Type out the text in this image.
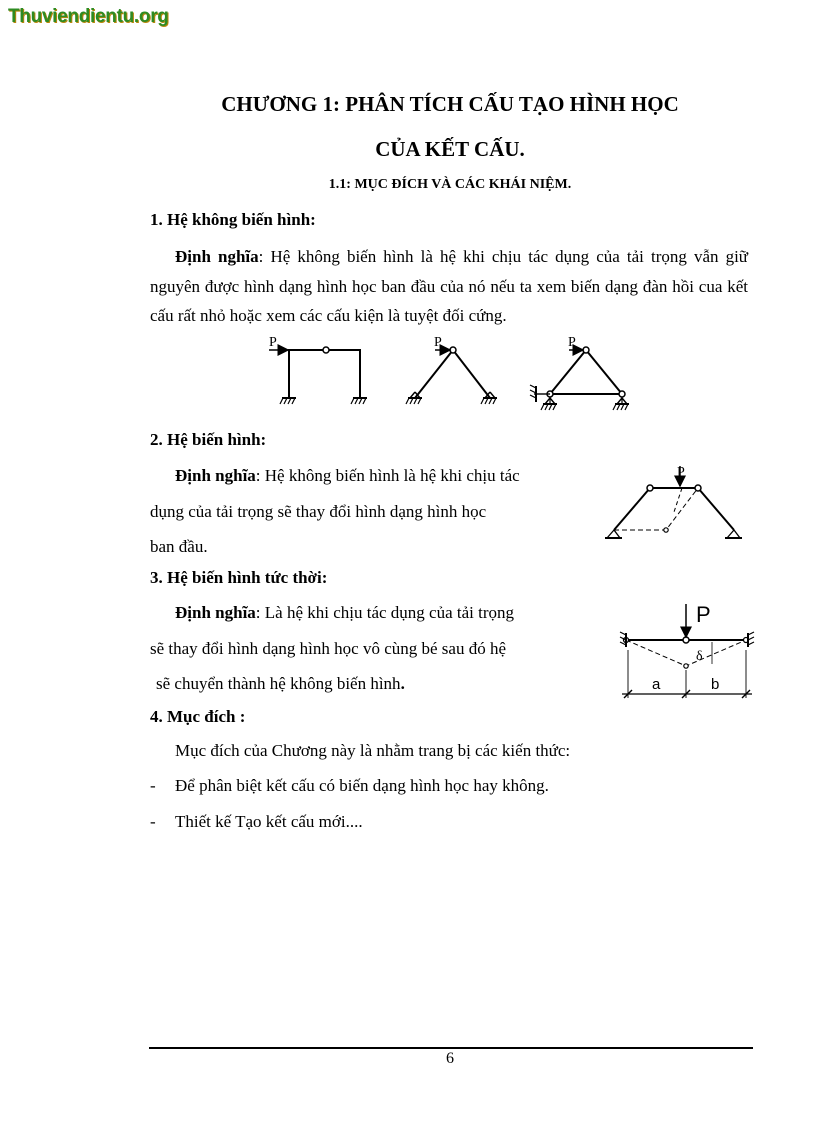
Thuviendientu.org
CHƯƠNG 1: PHÂN TÍCH CẤU TẠO HÌNH HỌC
CỦA KẾT CẤU.
1.1: MỤC ĐÍCH VÀ CÁC KHÁI NIỆM.
1. Hệ không biến hình:
Định nghĩa: Hệ không biến hình là hệ khi chịu tác dụng của tải trọng vẫn giữ nguyên được hình dạng hình học ban đầu của nó nếu ta xem biến dạng đàn hồi cua kết cấu rất nhỏ hoặc xem các cấu kiện là tuyệt đối cứng.
P	P	P
2. Hệ biến hình:
Định nghĩa: Hệ không biến hình là hệ khi chịu tác
dụng của tải trọng sẽ thay đổi hình dạng hình học
ban đầu.
P
3. Hệ biến hình tức thời:
Định nghĩa: Là hệ khi chịu tác dụng của tải trọng
sẽ thay đổi hình dạng hình học vô cùng bé sau đó hệ
sẽ chuyển thành hệ không biến hình.
P
δ
a	b
4. Mục đích :
Mục đích của Chương này là nhằm trang bị các kiến thức:
- Để phân biệt kết cấu có biến dạng hình học hay không.
- Thiết kế Tạo kết cấu mới....
6
